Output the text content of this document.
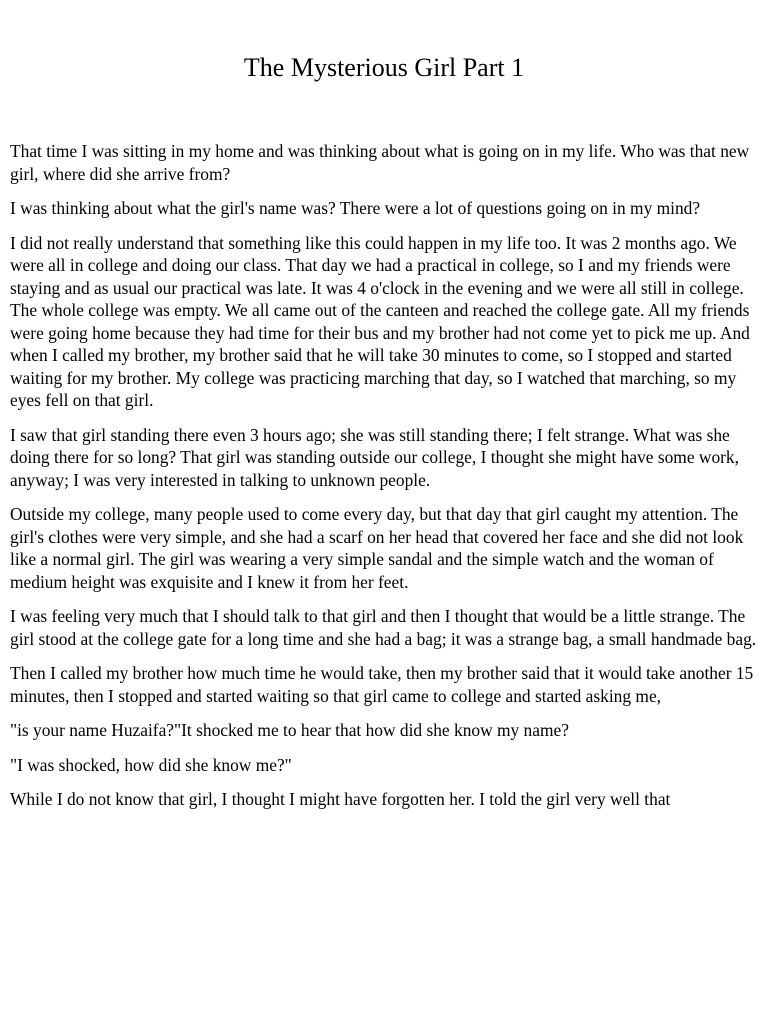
The Mysterious Girl Part 1

That time I was sitting in my home and was thinking about what is going on in my life. Who was that new girl, where did she arrive from?

I was thinking about what the girl's name was? There were a lot of questions going on in my mind?

I did not really understand that something like this could happen in my life too. It was 2 months ago. We were all in college and doing our class. That day we had a practical in college, so I and my friends were staying and as usual our practical was late. It was 4 o'clock in the evening and we were all still in college. The whole college was empty. We all came out of the canteen and reached the college gate. All my friends were going home because they had time for their bus and my brother had not come yet to pick me up. And when I called my brother, my brother said that he will take 30 minutes to come, so I stopped and started waiting for my brother. My college was practicing marching that day, so I watched that marching, so my eyes fell on that girl.

I saw that girl standing there even 3 hours ago; she was still standing there; I felt strange. What was she doing there for so long? That girl was standing outside our college, I thought she might have some work, anyway; I was very interested in talking to unknown people.

Outside my college, many people used to come every day, but that day that girl caught my attention. The girl's clothes were very simple, and she had a scarf on her head that covered her face and she did not look like a normal girl. The girl was wearing a very simple sandal and the simple watch and the woman of medium height was exquisite and I knew it from her feet.

I was feeling very much that I should talk to that girl and then I thought that would be a little strange. The girl stood at the college gate for a long time and she had a bag; it was a strange bag, a small handmade bag.

Then I called my brother how much time he would take, then my brother said that it would take another 15 minutes, then I stopped and started waiting so that girl came to college and started asking me,

"is your name Huzaifa?"It shocked me to hear that how did she know my name?

"I was shocked, how did she know me?"

While I do not know that girl, I thought I might have forgotten her. I told the girl very well that
